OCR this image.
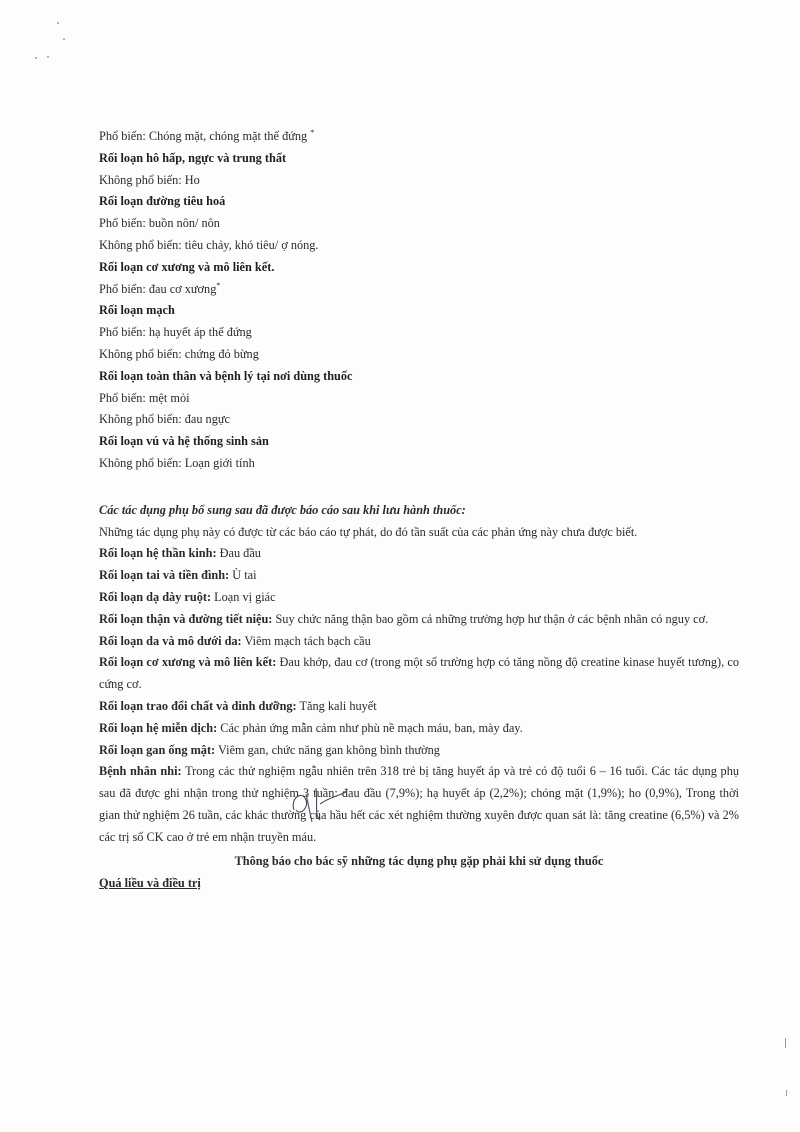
Phổ biến: Chóng mặt, chóng mặt thế đứng *
Rối loạn hô hấp, ngực và trung thất
Không phổ biến: Ho
Rối loạn đường tiêu hoá
Phổ biến: buồn nôn/ nôn
Không phổ biến: tiêu chảy, khó tiêu/ ợ nóng.
Rối loạn cơ xương và mô liên kết.
Phổ biến: đau cơ xương*
Rối loạn mạch
Phổ biến: hạ huyết áp thế đứng
Không phổ biến: chứng đỏ bừng
Rối loạn toàn thân và bệnh lý tại nơi dùng thuốc
Phổ biến: mệt mỏi
Không phổ biến: đau ngực
Rối loạn vú và hệ thống sinh sản
Không phổ biến: Loạn giới tính
Các tác dụng phụ bổ sung sau đã được báo cáo sau khi lưu hành thuốc:
Những tác dụng phụ này có được từ các báo cáo tự phát, do đó tần suất của các phản ứng này chưa được biết.
Rối loạn hệ thần kinh: Đau đầu
Rối loạn tai và tiền đình: Ù tai
Rối loạn dạ dày ruột: Loạn vị giác
Rối loạn thận và đường tiết niệu: Suy chức năng thận bao gồm cả những trường hợp hư thận ở các bệnh nhân có nguy cơ.
Rối loạn da và mô dưới da: Viêm mạch tách bạch cầu
Rối loạn cơ xương và mô liên kết: Đau khớp, đau cơ (trong một số trường hợp có tăng nồng độ creatine kinase huyết tương), co cứng cơ.
Rối loạn trao đổi chất và dinh dưỡng: Tăng kali huyết
Rối loạn hệ miễn dịch: Các phản ứng mẫn cảm như phù nề mạch máu, ban, mày đay.
Rối loạn gan ống mật: Viêm gan, chức năng gan không bình thường
Bệnh nhân nhi: Trong các thử nghiệm ngẫu nhiên trên 318 trẻ bị tăng huyết áp và trẻ có độ tuổi 6 – 16 tuổi. Các tác dụng phụ sau đã được ghi nhận trong thử nghiệm 3 tuần: đau đầu (7,9%); hạ huyết áp (2,2%); chóng mặt (1,9%); ho (0,9%), Trong thời gian thử nghiệm 26 tuần, các khác thường của hầu hết các xét nghiệm thường xuyên được quan sát là: tăng creatine (6,5%) và 2% các trị số CK cao ở trẻ em nhận truyền máu.
Thông báo cho bác sỹ những tác dụng phụ gặp phải khi sử dụng thuốc
Quá liều và điều trị
